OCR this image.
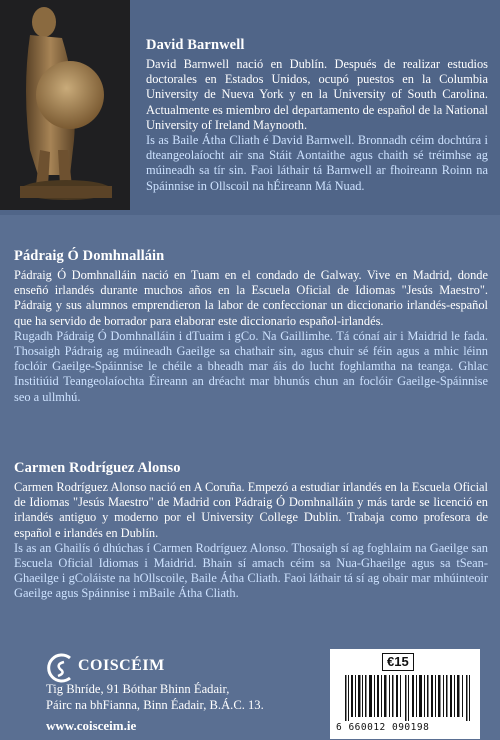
David Barnwell

David Barnwell nació en Dublín. Después de realizar estudios doctorales en Estados Unidos, ocupó puestos en la Columbia University de Nueva York y en la University of South Carolina. Actualmente es miembro del departamento de español de la National University of Ireland Maynooth.

Is as Baile Átha Cliath é David Barnwell. Bronnadh céim dochtúra i dteangeolaíocht air sna Stáit Aontaithe agus chaith sé tréimhse ag múineadh sa tír sin. Faoi láthair tá Barnwell ar fhoireann Roinn na Spáinnise in Ollscoil na hÉireann Má Nuad.

Pádraig Ó Domhnalláin

Pádraig Ó Domhnalláin nació en Tuam en el condado de Galway. Vive en Madrid, donde enseñó irlandés durante muchos años en la Escuela Oficial de Idiomas "Jesús Maestro". Pádraig y sus alumnos emprendieron la labor de confeccionar un diccionario irlandés-español que ha servido de borrador para elaborar este diccionario español-irlandés.

Rugadh Pádraig Ó Domhnalláin i dTuaim i gCo. Na Gaillimhe. Tá cónaí air i Maidrid le fada. Thosaigh Pádraig ag múineadh Gaeilge sa chathair sin, agus chuir sé féin agus a mhic léinn foclóir Gaeilge-Spáinnise le chéile a bheadh mar áis do lucht foghlamtha na teanga. Ghlac Institiúid Teangeolaíochta Éireann an dréacht mar bhunús chun an foclóir Gaeilge-Spáinnise seo a ullmhú.

Carmen Rodríguez Alonso

Carmen Rodríguez Alonso nació en A Coruña. Empezó a estudiar irlandés en la Escuela Oficial de Idiomas "Jesús Maestro" de Madrid con Pádraig Ó Domhnalláin y más tarde se licenció en irlandés antiguo y moderno por el University College Dublin. Trabaja como profesora de español e irlandés en Dublín.

Is as an Ghailís ó dhúchas í Carmen Rodríguez Alonso. Thosaigh sí ag foghlaim na Gaeilge san Escuela Oficial Idiomas i Maidrid. Bhain sí amach céim sa Nua-Ghaeilge agus sa tSean-Ghaeilge i gColáiste na hOllscoile, Baile Átha Cliath. Faoi láthair tá sí ag obair mar mhúinteoir Gaeilge agus Spáinnise i mBaile Átha Cliath.

COISCÉIM
Tig Bhríde, 91 Bóthar Bhinn Éadair,
Páirc na bhFianna, Binn Éadair, B.Á.C. 13.
www.coisceim.ie
€15
6 660012 090198
